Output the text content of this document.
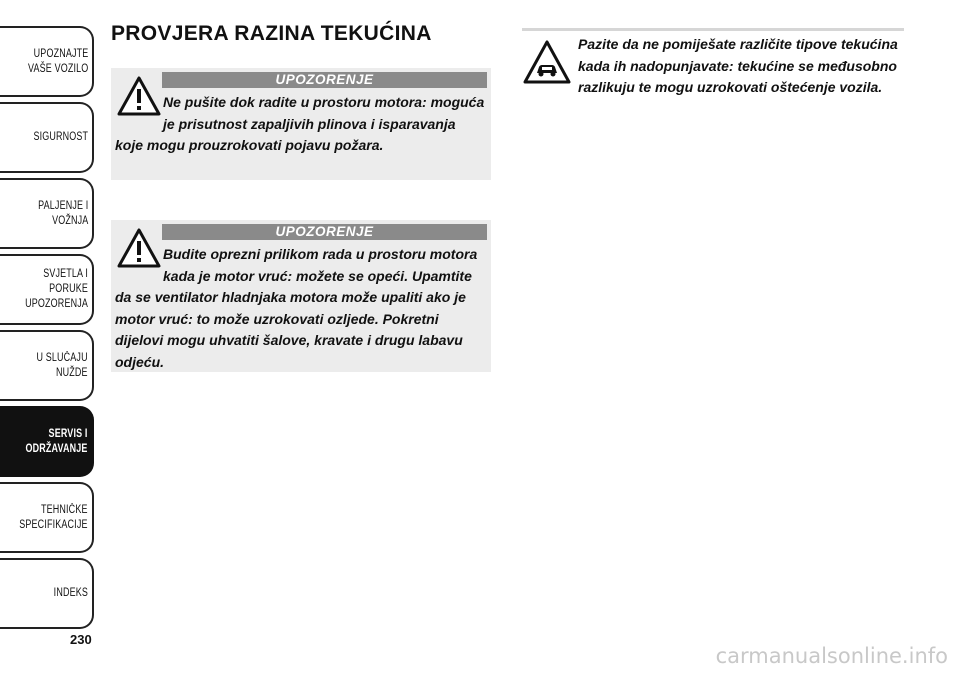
UPOZNAJTE
VAŠE VOZILO
SIGURNOST
PALJENJE I
VOŽNJA
SVJETLA I PORUKE
UPOZORENJA
U SLUČAJU
NUŽDE
SERVIS I
ODRŽAVANJE
TEHNIČKE
SPECIFIKACIJE
INDEKS
230
PROVJERA RAZINA TEKUĆINA
UPOZORENJE

Ne pušite dok radite u prostoru motora: moguća je prisutnost zapaljivih plinova i isparavanja koje mogu prouzrokovati pojavu požara.

UPOZORENJE

Budite oprezni prilikom rada u prostoru motora kada je motor vruć: možete se opeći. Upamtite da se ventilator hladnjaka motora može upaliti ako je motor vruć: to može uzrokovati ozljede. Pokretni dijelovi mogu uhvatiti šalove, kravate i drugu labavu odjeću.

Pazite da ne pomiješate različite tipove tekućina kada ih nadopunjavate: tekućine se međusobno razlikuju te mogu uzrokovati oštećenje vozila.

carmanualsonline.info
